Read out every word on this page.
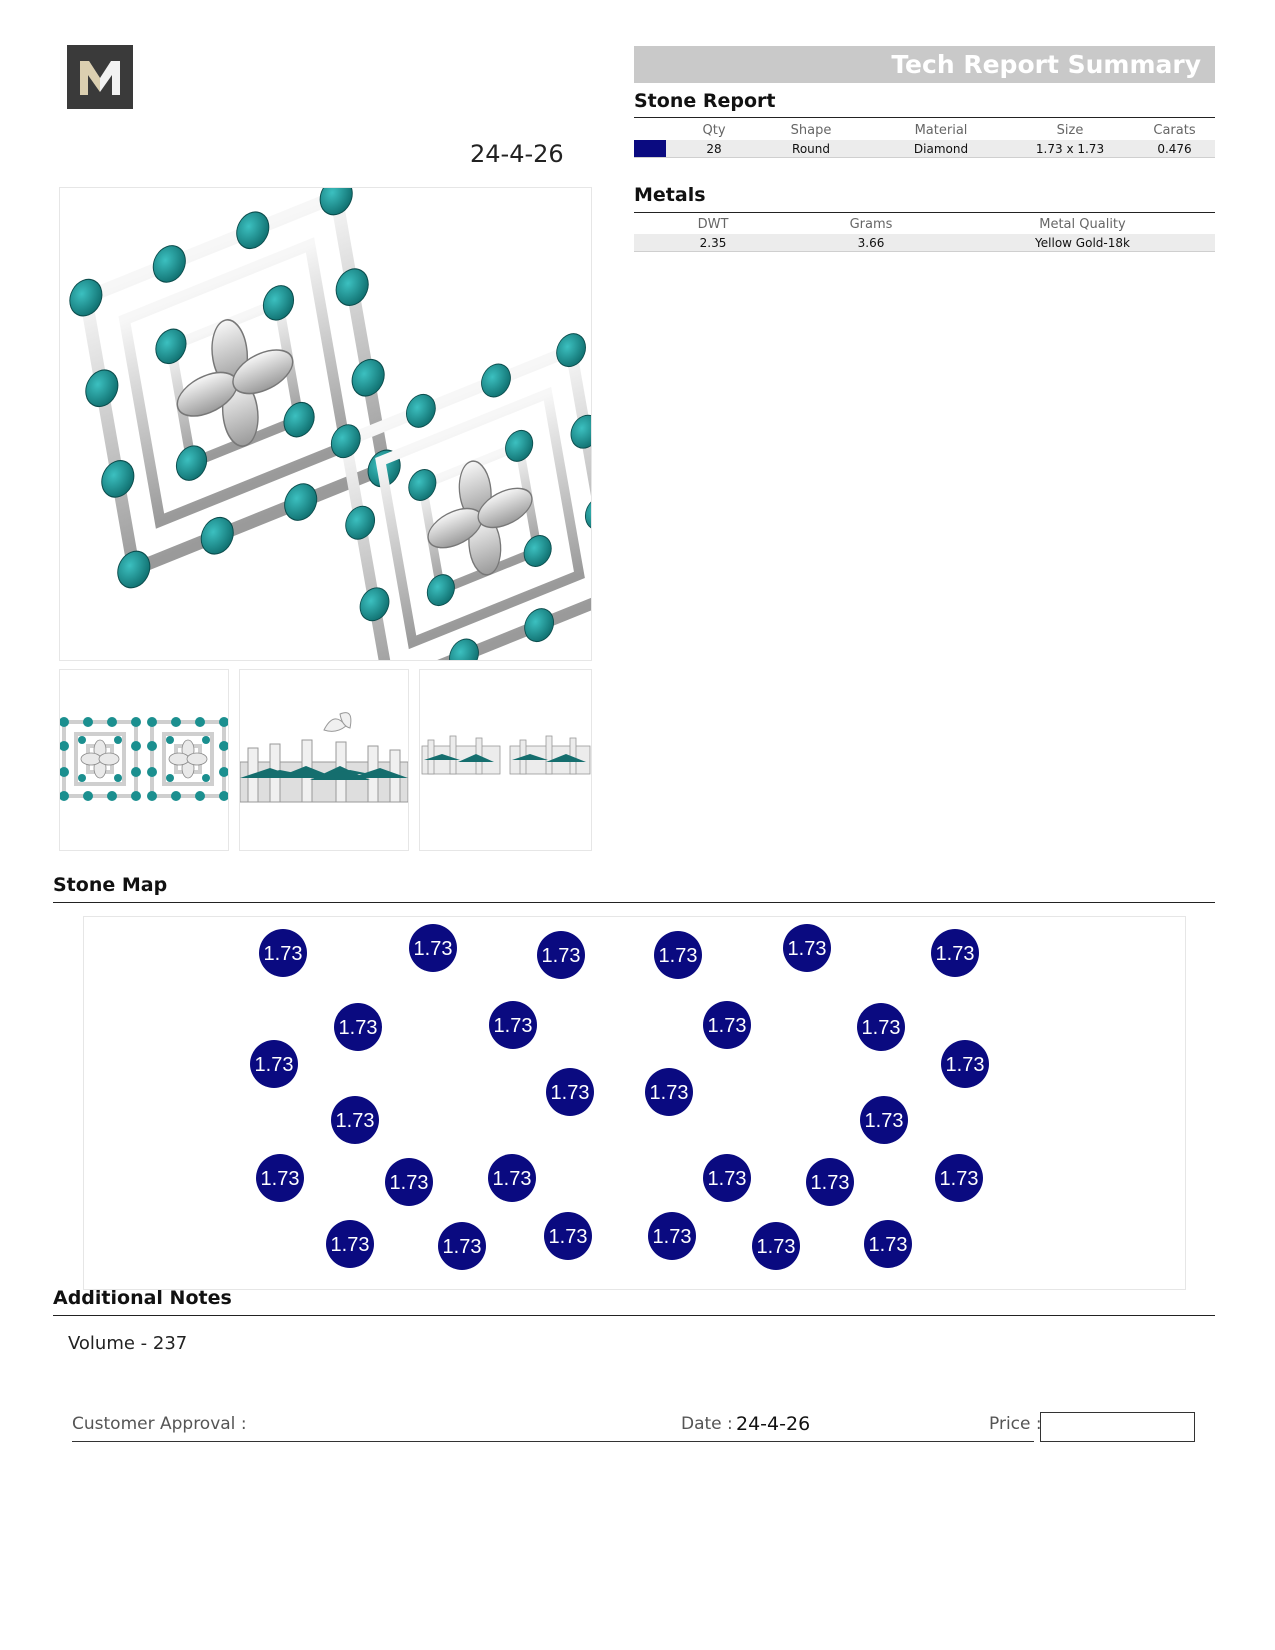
24-4-26
Tech Report Summary
Stone Report
	Qty	Shape	Material	Size	Carats
	28	Round	Diamond	1.73 x 1.73	0.476
Metals
DWT	Grams	Metal Quality
2.35	3.66	Yellow Gold-18k
Stone Map
1.73	1.73	1.73	1.73	1.73	1.73
1.73	1.73	1.73	1.73
1.73	1.73
1.73	1.73
1.73	1.73
1.73	1.73	1.73	1.73	1.73	1.73
1.73	1.73	1.73	1.73	1.73	1.73
Additional Notes
Volume - 237
Customer Approval :	Date : 24-4-26	Price :
